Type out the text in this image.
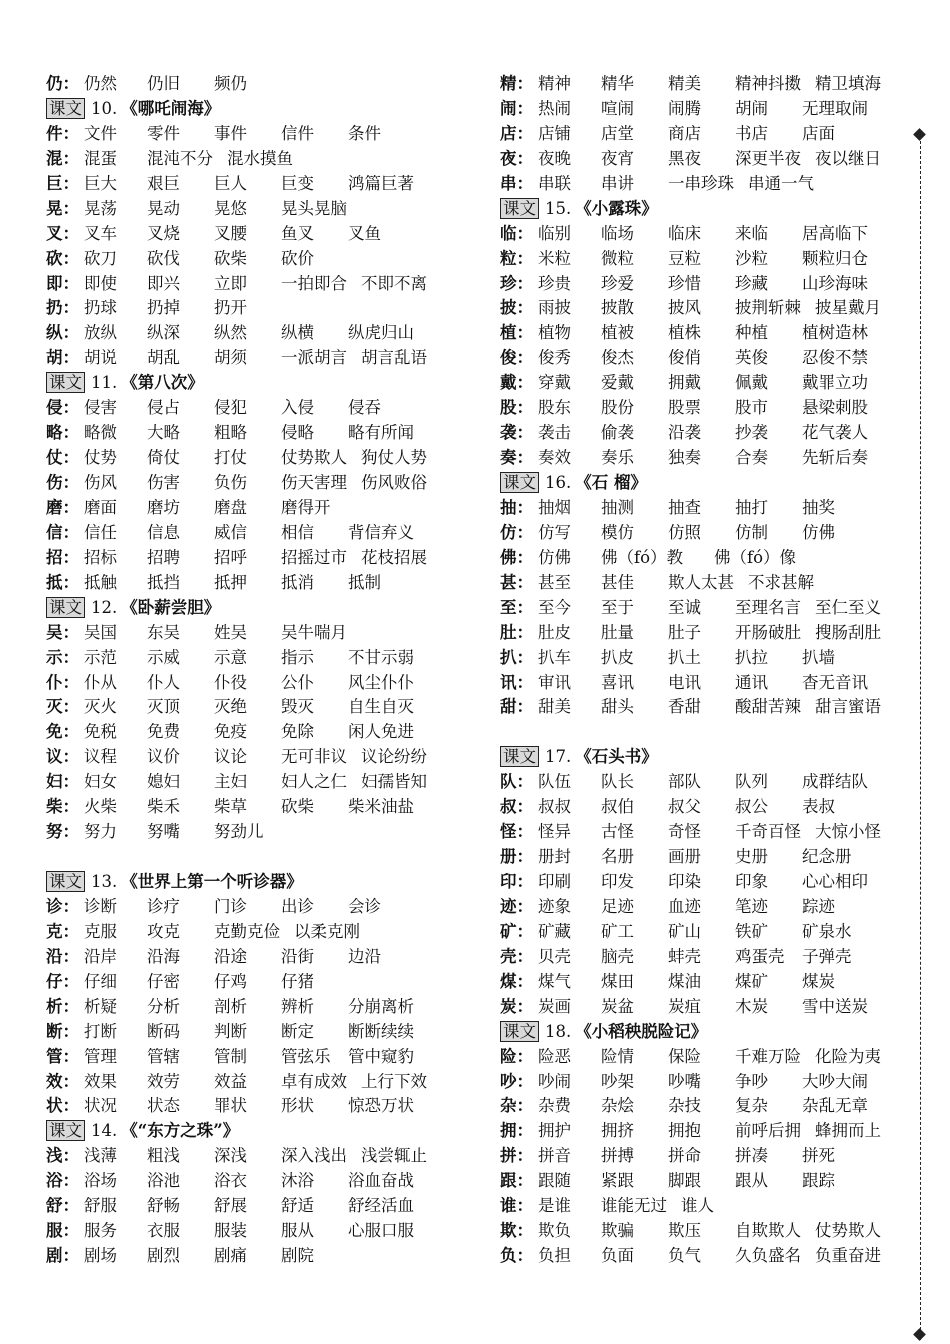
仍： 仍然 仍旧 频仍
课文 10. 《哪吒闹海》
件： 文件 零件 事件 信件 条件
混： 混蛋 混沌不分 混水摸鱼
巨： 巨大 艰巨 巨人 巨变 鸿篇巨著
晃： 晃荡 晃动 晃悠 晃头晃脑
叉： 叉车 叉烧 叉腰 鱼叉 叉鱼
砍： 砍刀 砍伐 砍柴 砍价
即： 即使 即兴 立即 一拍即合 不即不离
扔： 扔球 扔掉 扔开
纵： 放纵 纵深 纵然 纵横 纵虎归山
胡： 胡说 胡乱 胡须 一派胡言 胡言乱语
课文 11. 《第八次》
侵： 侵害 侵占 侵犯 入侵 侵吞
略： 略微 大略 粗略 侵略 略有所闻
仗： 仗势 倚仗 打仗 仗势欺人 狗仗人势
伤： 伤风 伤害 负伤 伤天害理 伤风败俗
磨： 磨面 磨坊 磨盘 磨得开
信： 信任 信息 威信 相信 背信弃义
招： 招标 招聘 招呼 招摇过市 花枝招展
抵： 抵触 抵挡 抵押 抵消 抵制
课文 12. 《卧薪尝胆》
吴： 吴国 东吴 姓吴 吴牛喘月
示： 示范 示威 示意 指示 不甘示弱
仆： 仆从 仆人 仆役 公仆 风尘仆仆
灭： 灭火 灭顶 灭绝 毁灭 自生自灭
免： 免税 免费 免疫 免除 闲人免进
议： 议程 议价 议论 无可非议 议论纷纷
妇： 妇女 媳妇 主妇 妇人之仁 妇孺皆知
柴： 火柴 柴禾 柴草 砍柴 柴米油盐
努： 努力 努嘴 努劲儿
课文 13. 《世界上第一个听诊器》
诊： 诊断 诊疗 门诊 出诊 会诊
克： 克服 攻克 克勤克俭 以柔克刚
沿： 沿岸 沿海 沿途 沿街 边沿
仔： 仔细 仔密 仔鸡 仔猪
析： 析疑 分析 剖析 辨析 分崩离析
断： 打断 断码 判断 断定 断断续续
管： 管理 管辖 管制 管弦乐 管中窥豹
效： 效果 效劳 效益 卓有成效 上行下效
状： 状况 状态 罪状 形状 惊恐万状
课文 14. 《“东方之珠”》
浅： 浅薄 粗浅 深浅 深入浅出 浅尝辄止
浴： 浴场 浴池 浴衣 沐浴 浴血奋战
舒： 舒服 舒畅 舒展 舒适 舒经活血
服： 服务 衣服 服装 服从 心服口服
剧： 剧场 剧烈 剧痛 剧院
精： 精神 精华 精美 精神抖擞 精卫填海
闹： 热闹 喧闹 闹腾 胡闹 无理取闹
店： 店铺 店堂 商店 书店 店面
夜： 夜晚 夜宵 黑夜 深更半夜 夜以继日
串： 串联 串讲 一串珍珠 串通一气
课文 15. 《小露珠》
临： 临别 临场 临床 来临 居高临下
粒： 米粒 微粒 豆粒 沙粒 颗粒归仓
珍： 珍贵 珍爱 珍惜 珍藏 山珍海味
披： 雨披 披散 披风 披荆斩棘 披星戴月
植： 植物 植被 植株 种植 植树造林
俊： 俊秀 俊杰 俊俏 英俊 忍俊不禁
戴： 穿戴 爱戴 拥戴 佩戴 戴罪立功
股： 股东 股份 股票 股市 悬梁刺股
袭： 袭击 偷袭 沿袭 抄袭 花气袭人
奏： 奏效 奏乐 独奏 合奏 先斩后奏
课文 16. 《石 榴》
抽： 抽烟 抽测 抽查 抽打 抽奖
仿： 仿写 模仿 仿照 仿制 仿佛
佛： 仿佛 佛（fó）教 佛（fó）像
甚： 甚至 甚佳 欺人太甚 不求甚解
至： 至今 至于 至诚 至理名言 至仁至义
肚： 肚皮 肚量 肚子 开肠破肚 搜肠刮肚
扒： 扒车 扒皮 扒土 扒拉 扒墙
讯： 审讯 喜讯 电讯 通讯 杳无音讯
甜： 甜美 甜头 香甜 酸甜苦辣 甜言蜜语
课文 17. 《石头书》
队： 队伍 队长 部队 队列 成群结队
叔： 叔叔 叔伯 叔父 叔公 表叔
怪： 怪异 古怪 奇怪 千奇百怪 大惊小怪
册： 册封 名册 画册 史册 纪念册
印： 印刷 印发 印染 印象 心心相印
迹： 迹象 足迹 血迹 笔迹 踪迹
矿： 矿藏 矿工 矿山 铁矿 矿泉水
壳： 贝壳 脑壳 蚌壳 鸡蛋壳 子弹壳
煤： 煤气 煤田 煤油 煤矿 煤炭
炭： 炭画 炭盆 炭疽 木炭 雪中送炭
课文 18. 《小稻秧脱险记》
险： 险恶 险情 保险 千难万险 化险为夷
吵： 吵闹 吵架 吵嘴 争吵 大吵大闹
杂： 杂费 杂烩 杂技 复杂 杂乱无章
拥： 拥护 拥挤 拥抱 前呼后拥 蜂拥而上
拼： 拼音 拼搏 拼命 拼凑 拼死
跟： 跟随 紧跟 脚跟 跟从 跟踪
谁： 是谁 谁能无过 谁人
欺： 欺负 欺骗 欺压 自欺欺人 仗势欺人
负： 负担 负面 负气 久负盛名 负重奋进
